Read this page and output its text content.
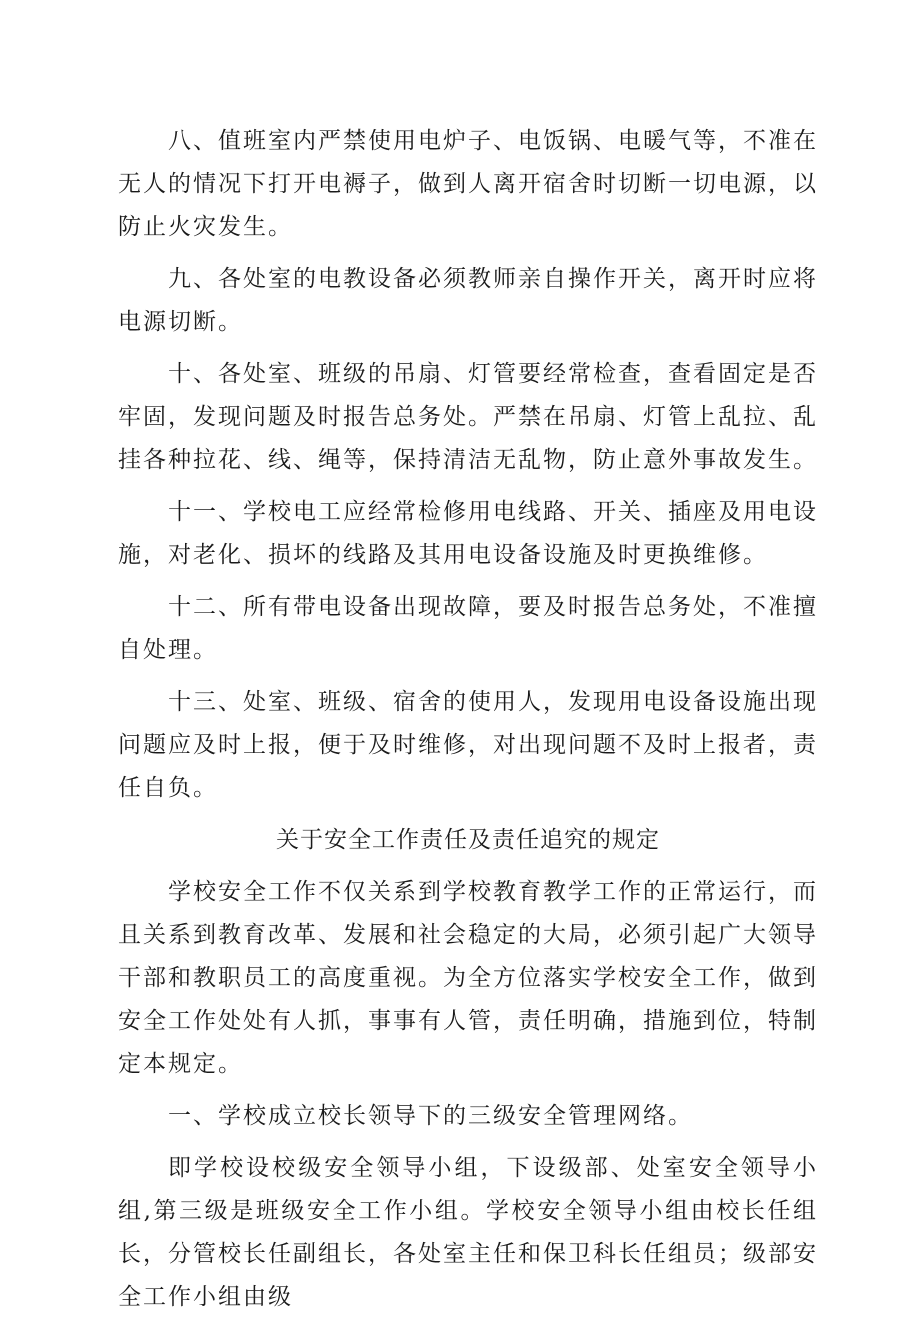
八、值班室内严禁使用电炉子、电饭锅、电暖气等，不准在无人的情况下打开电褥子，做到人离开宿舍时切断一切电源，以防止火灾发生。

九、各处室的电教设备必须教师亲自操作开关，离开时应将电源切断。

十、各处室、班级的吊扇、灯管要经常检查，查看固定是否牢固，发现问题及时报告总务处。严禁在吊扇、灯管上乱拉、乱挂各种拉花、线、绳等，保持清洁无乱物，防止意外事故发生。

十一、学校电工应经常检修用电线路、开关、插座及用电设施，对老化、损坏的线路及其用电设备设施及时更换维修。

十二、所有带电设备出现故障，要及时报告总务处，不准擅自处理。

十三、处室、班级、宿舍的使用人，发现用电设备设施出现问题应及时上报，便于及时维修，对出现问题不及时上报者，责任自负。

关于安全工作责任及责任追究的规定

学校安全工作不仅关系到学校教育教学工作的正常运行，而且关系到教育改革、发展和社会稳定的大局，必须引起广大领导干部和教职员工的高度重视。为全方位落实学校安全工作，做到安全工作处处有人抓，事事有人管，责任明确，措施到位，特制定本规定。

一、学校成立校长领导下的三级安全管理网络。

即学校设校级安全领导小组，下设级部、处室安全领导小组,第三级是班级安全工作小组。学校安全领导小组由校长任组长，分管校长任副组长，各处室主任和保卫科长任组员；级部安全工作小组由级
